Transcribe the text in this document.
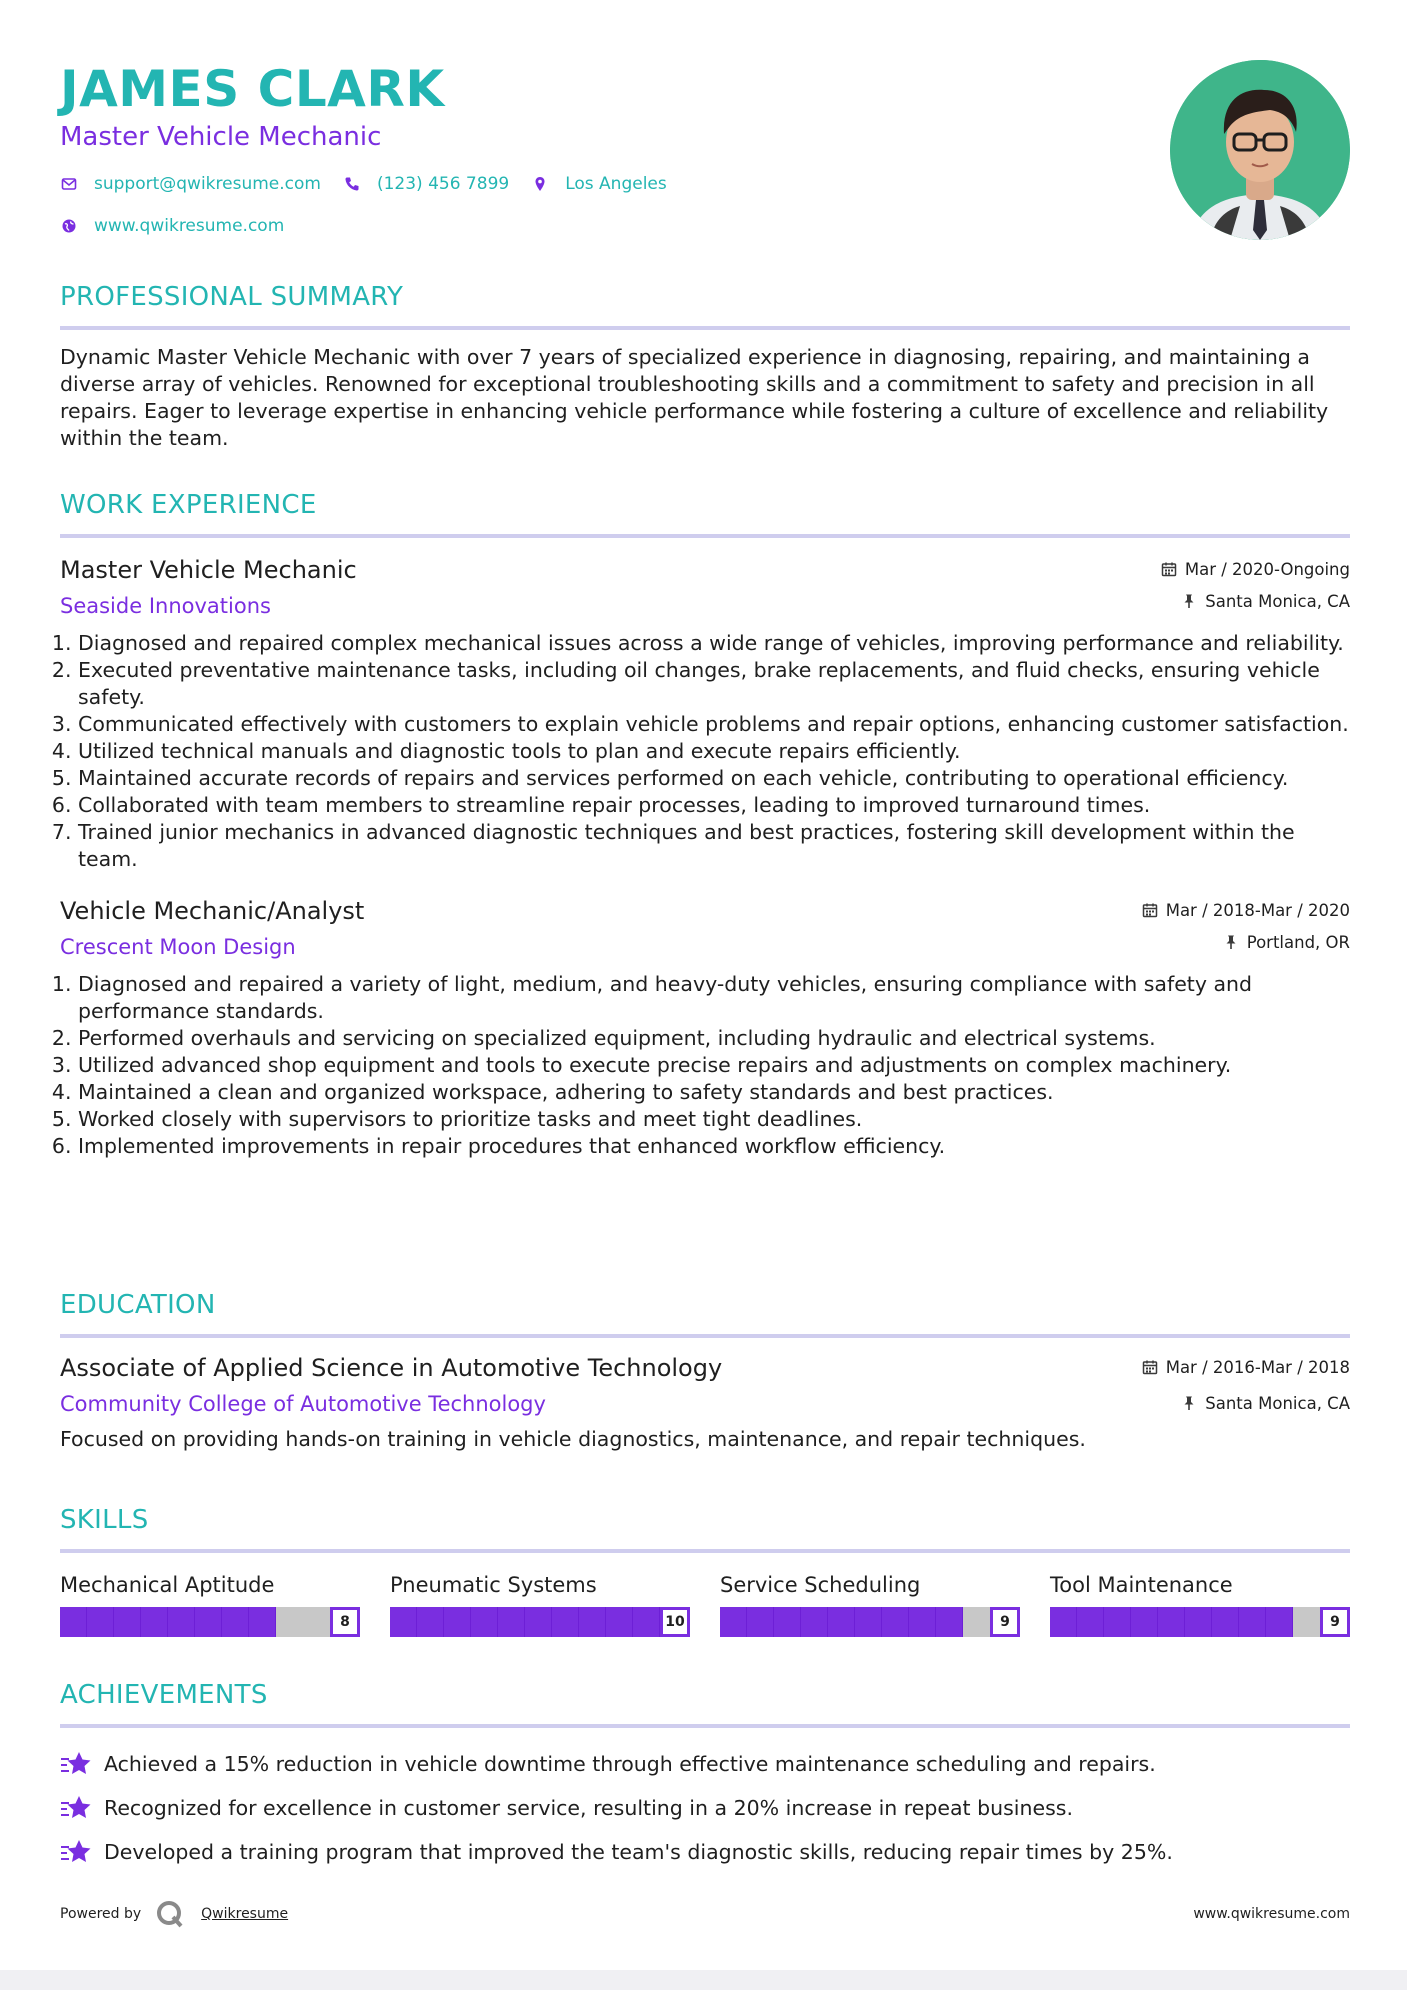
JAMES CLARK
Master Vehicle Mechanic
support@qwikresume.com	(123) 456 7899	Los Angeles
www.qwikresume.com
PROFESSIONAL SUMMARY
Dynamic Master Vehicle Mechanic with over 7 years of specialized experience in diagnosing, repairing, and maintaining a diverse array of vehicles. Renowned for exceptional troubleshooting skills and a commitment to safety and precision in all repairs. Eager to leverage expertise in enhancing vehicle performance while fostering a culture of excellence and reliability within the team.
WORK EXPERIENCE
Master Vehicle Mechanic
Seaside Innovations
Mar / 2020-Ongoing
Santa Monica, CA
1. Diagnosed and repaired complex mechanical issues across a wide range of vehicles, improving performance and reliability.
2. Executed preventative maintenance tasks, including oil changes, brake replacements, and fluid checks, ensuring vehicle safety.
3. Communicated effectively with customers to explain vehicle problems and repair options, enhancing customer satisfaction.
4. Utilized technical manuals and diagnostic tools to plan and execute repairs efficiently.
5. Maintained accurate records of repairs and services performed on each vehicle, contributing to operational efficiency.
6. Collaborated with team members to streamline repair processes, leading to improved turnaround times.
7. Trained junior mechanics in advanced diagnostic techniques and best practices, fostering skill development within the team.
Vehicle Mechanic/Analyst
Crescent Moon Design
Mar / 2018-Mar / 2020
Portland, OR
1. Diagnosed and repaired a variety of light, medium, and heavy-duty vehicles, ensuring compliance with safety and performance standards.
2. Performed overhauls and servicing on specialized equipment, including hydraulic and electrical systems.
3. Utilized advanced shop equipment and tools to execute precise repairs and adjustments on complex machinery.
4. Maintained a clean and organized workspace, adhering to safety standards and best practices.
5. Worked closely with supervisors to prioritize tasks and meet tight deadlines.
6. Implemented improvements in repair procedures that enhanced workflow efficiency.
EDUCATION
Associate of Applied Science in Automotive Technology
Community College of Automotive Technology
Mar / 2016-Mar / 2018
Santa Monica, CA
Focused on providing hands-on training in vehicle diagnostics, maintenance, and repair techniques.
SKILLS
Mechanical Aptitude
8
Pneumatic Systems
10
Service Scheduling
9
Tool Maintenance
9
ACHIEVEMENTS
Achieved a 15% reduction in vehicle downtime through effective maintenance scheduling and repairs.
Recognized for excellence in customer service, resulting in a 20% increase in repeat business.
Developed a training program that improved the team's diagnostic skills, reducing repair times by 25%.
Powered by	Qwikresume	www.qwikresume.com
